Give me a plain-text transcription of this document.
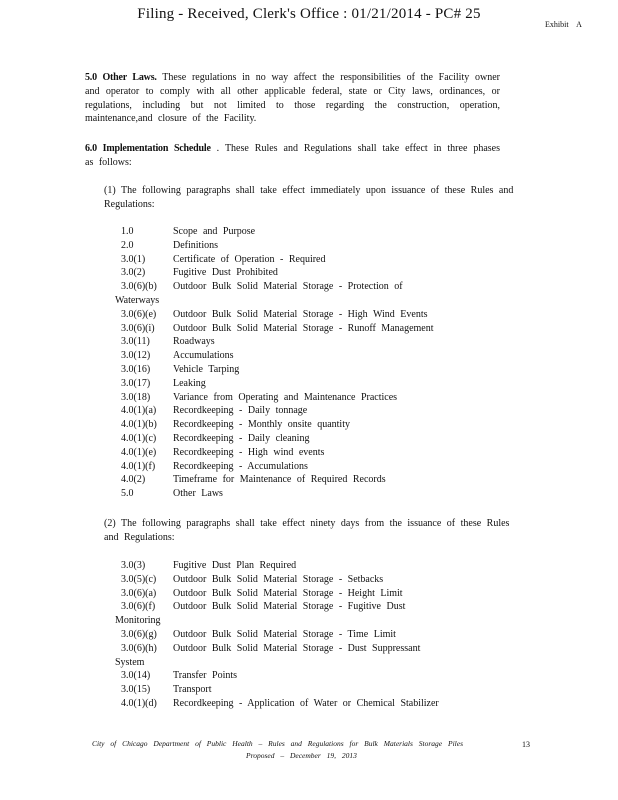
Filing - Received, Clerk's Office : 01/21/2014 - PC# 25
Exhibit A
5.0 Other Laws. These regulations in no way affect the responsibilities of the Facility owner and operator to comply with all other applicable federal, state or City laws, ordinances, or regulations, including but not limited to those regarding the construction, operation, maintenance,and closure of the Facility.
6.0 Implementation Schedule . These Rules and Regulations shall take effect in three phases as follows:
(1) The following paragraphs shall take effect immediately upon issuance of these Rules and Regulations:
1.0	Scope and Purpose
2.0	Definitions
3.0(1)	Certificate of Operation - Required
3.0(2)	Fugitive Dust Prohibited
3.0(6)(b) Outdoor Bulk Solid Material Storage - Protection of Waterways
3.0(6)(e) Outdoor Bulk Solid Material Storage - High Wind Events
3.0(6)(i) Outdoor Bulk Solid Material Storage - Runoff Management
3.0(11) Roadways
3.0(12) Accumulations
3.0(16) Vehicle Tarping
3.0(17) Leaking
3.0(18) Variance from Operating and Maintenance Practices
4.0(1)(a) Recordkeeping - Daily tonnage
4.0(1)(b) Recordkeeping - Monthly onsite quantity
4.0(1)(c) Recordkeeping - Daily cleaning
4.0(1)(e) Recordkeeping - High wind events
4.0(1)(f) Recordkeeping - Accumulations
4.0(2)	Timeframe for Maintenance of Required Records
5.0	Other Laws
(2) The following paragraphs shall take effect ninety days from the issuance of these Rules and Regulations:
3.0(3)	Fugitive Dust Plan Required
3.0(5)(c) Outdoor Bulk Solid Material Storage - Setbacks
3.0(6)(a) Outdoor Bulk Solid Material Storage - Height Limit
3.0(6)(f) Outdoor Bulk Solid Material Storage - Fugitive Dust Monitoring
3.0(6)(g) Outdoor Bulk Solid Material Storage - Time Limit
3.0(6)(h) Outdoor Bulk Solid Material Storage - Dust Suppressant System
3.0(14) Transfer Points
3.0(15) Transport
4.0(1)(d) Recordkeeping - Application of Water or Chemical Stabilizer
City of Chicago Department of Public Health – Rules and Regulations for Bulk Materials Storage Piles
Proposed – December 19, 2013
13
